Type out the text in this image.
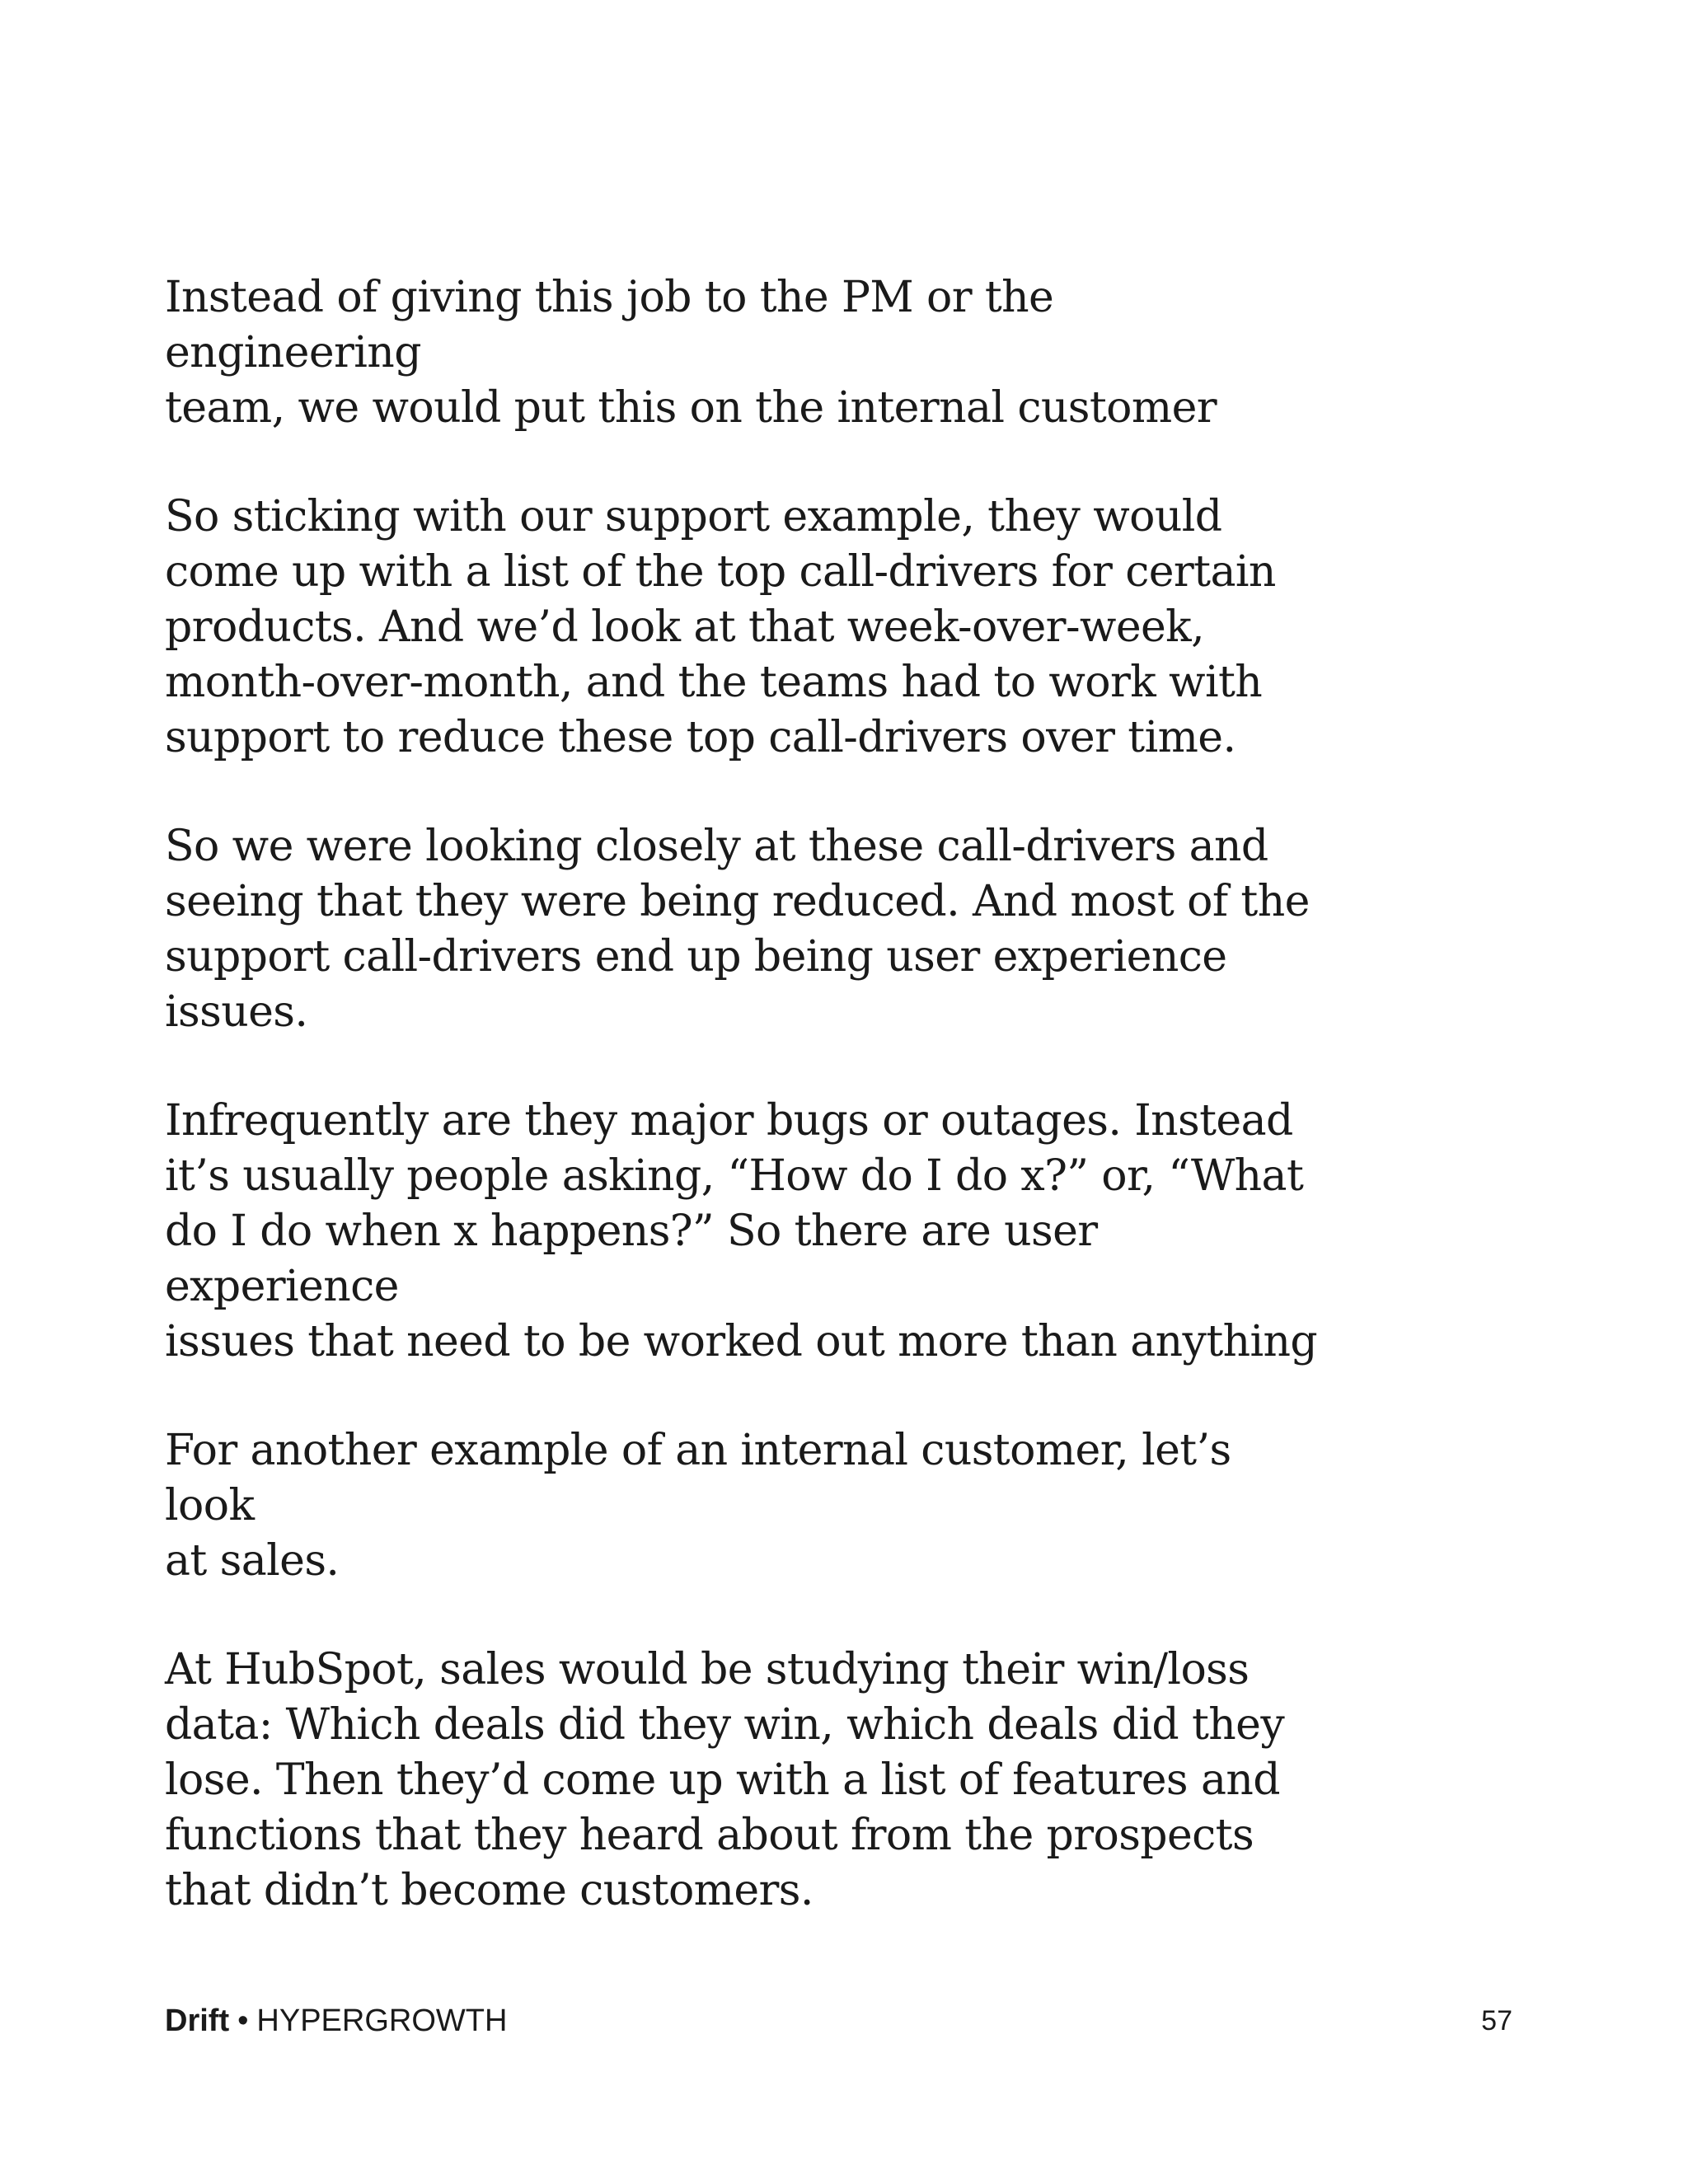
Instead of giving this job to the PM or the engineering
team, we would put this on the internal customer

So sticking with our support example, they would
come up with a list of the top call-drivers for certain
products. And we’d look at that week-over-week,
month-over-month, and the teams had to work with
support to reduce these top call-drivers over time.

So we were looking closely at these call-drivers and
seeing that they were being reduced. And most of the
support call-drivers end up being user experience
issues.

Infrequently are they major bugs or outages. Instead
it’s usually people asking, “How do I do x?” or, “What
do I do when x happens?” So there are user experience
issues that need to be worked out more than anything

For another example of an internal customer, let’s look
at sales.

At HubSpot, sales would be studying their win/loss
data: Which deals did they win, which deals did they
lose. Then they’d come up with a list of features and
functions that they heard about from the prospects
that didn’t become customers.

Drift • HYPERGROWTH	57
